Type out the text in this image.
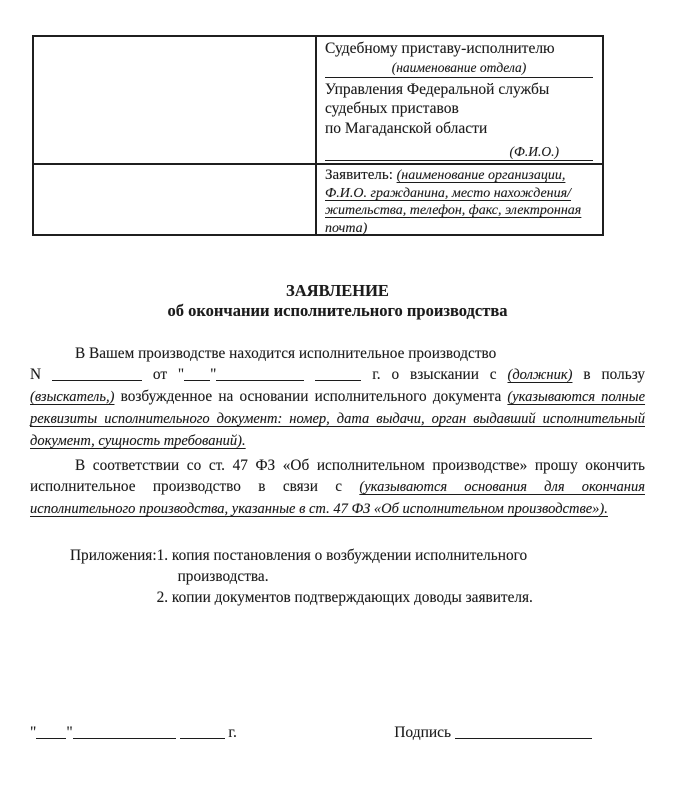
Судебному приставу-исполнителю
(наименование отдела)
Управления Федеральной службы
судебных приставов
по Магаданской области
(Ф.И.О.)
Заявитель: (наименование организации, Ф.И.О. гражданина, место нахождения/жительства, телефон, факс, электронная почта)
ЗАЯВЛЕНИЕ
об окончании исполнительного производства
В Вашем производстве находится исполнительное производство
N	от " "	г. о взыскании с (должник) в пользу (взыскатель,) возбужденное на основании исполнительного документа (указываются полные реквизиты исполнительного документ: номер, дата выдачи, орган выдавший исполнительный документ, сущность требований).
В соответствии со ст. 47 ФЗ «Об исполнительном производстве» прошу окончить исполнительное производство в связи с (указываются основания для окончания исполнительного производства, указанные в ст. 47 ФЗ «Об исполнительном производстве»).
Приложения: 1. копия постановления о возбуждении исполнительного производства.
2. копии документов подтверждающих доводы заявителя.
" "	г.	Подпись
